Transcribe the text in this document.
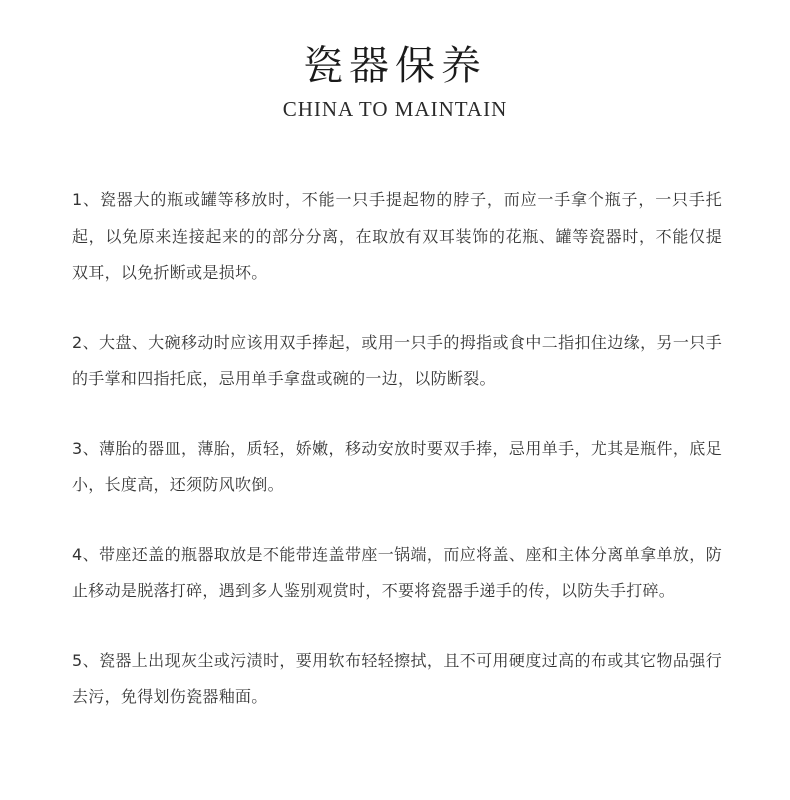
瓷器保养
CHINA TO MAINTAIN

1、瓷器大的瓶或罐等移放时，不能一只手提起物的脖子，而应一手拿个瓶子，一只手托起，以免原来连接起来的的部分分离，在取放有双耳装饰的花瓶、罐等瓷器时，不能仅提双耳，以免折断或是损坏。

2、大盘、大碗移动时应该用双手捧起，或用一只手的拇指或食中二指扣住边缘，另一只手的手掌和四指托底，忌用单手拿盘或碗的一边，以防断裂。

3、薄胎的器皿，薄胎，质轻，娇嫩，移动安放时要双手捧，忌用单手，尤其是瓶件，底足小，长度高，还须防风吹倒。

4、带座还盖的瓶器取放是不能带连盖带座一锅端，而应将盖、座和主体分离单拿单放，防止移动是脱落打碎，遇到多人鉴别观赏时，不要将瓷器手递手的传，以防失手打碎。

5、瓷器上出现灰尘或污渍时，要用软布轻轻擦拭，且不可用硬度过高的布或其它物品强行去污，免得划伤瓷器釉面。
